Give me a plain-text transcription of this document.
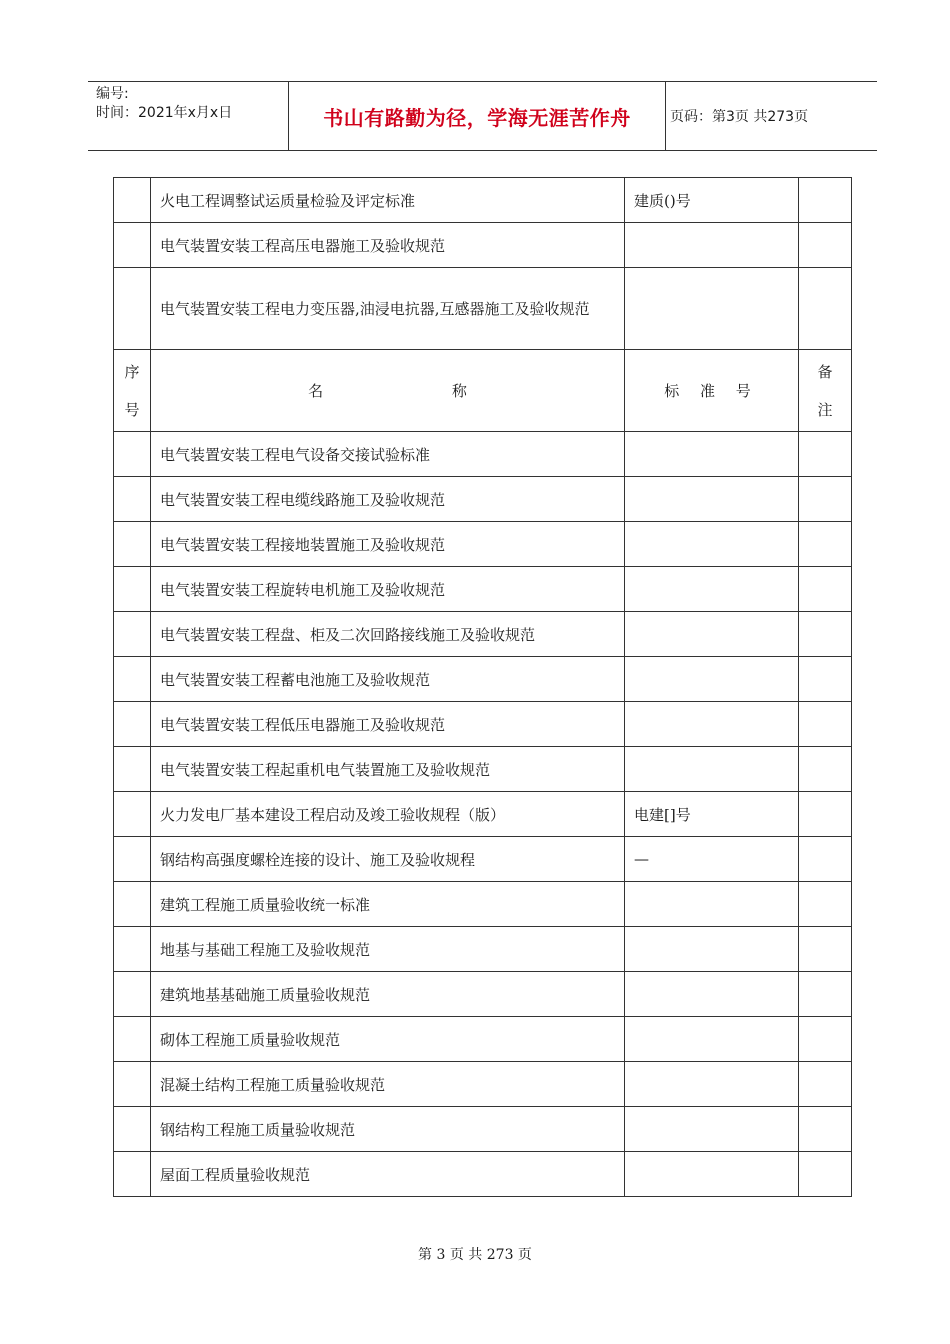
编号:
时间：2021年x月x日	书山有路勤为径，学海无涯苦作舟	页码：第3页 共273页
	火电工程调整试运质量检验及评定标准	建质()号	
	电气装置安装工程高压电器施工及验收规范		
	电气装置安装工程电力变压器,油浸电抗器,互感器施工及验收规范		
序号	名 称	标 准 号	备注
	电气装置安装工程电气设备交接试验标准		
	电气装置安装工程电缆线路施工及验收规范		
	电气装置安装工程接地装置施工及验收规范		
	电气装置安装工程旋转电机施工及验收规范		
	电气装置安装工程盘、柜及二次回路接线施工及验收规范		
	电气装置安装工程蓄电池施工及验收规范		
	电气装置安装工程低压电器施工及验收规范		
	电气装置安装工程起重机电气装置施工及验收规范		
	火力发电厂基本建设工程启动及竣工验收规程（版）	电建[]号	
	钢结构高强度螺栓连接的设计、施工及验收规程	—	
	建筑工程施工质量验收统一标准		
	地基与基础工程施工及验收规范		
	建筑地基基础施工质量验收规范		
	砌体工程施工质量验收规范		
	混凝土结构工程施工质量验收规范		
	钢结构工程施工质量验收规范		
	屋面工程质量验收规范		
第 3 页 共 273 页
